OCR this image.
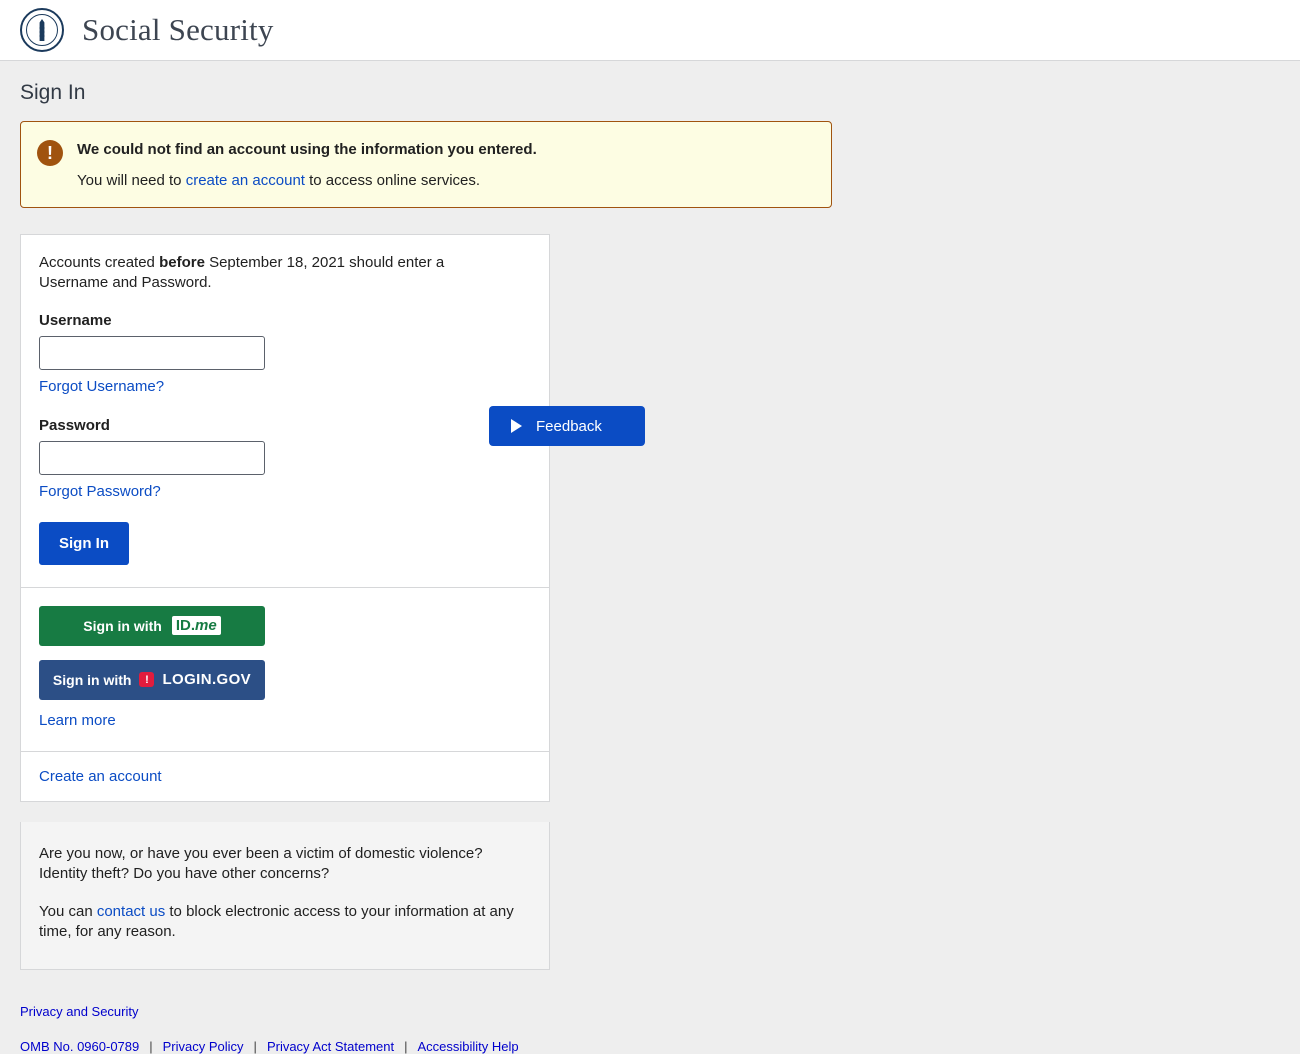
Social Security
Sign In
!	We could not find an account using the information you entered.
You will need to create an account to access online services.
Accounts created before September 18, 2021 should enter a Username and Password.
Username
Forgot Username?
Password
Forgot Password?
Sign In
Sign in with ID.me
Sign in with	! LOGIN.GOV
Learn more
Create an account

Are you now, or have you ever been a victim of domestic violence? Identity theft? Do you have other concerns?

You can contact us to block electronic access to your information at any time, for any reason.

Privacy and Security
OMB No. 0960-0789 | Privacy Policy | Privacy Act Statement | Accessibility Help
Feedback
